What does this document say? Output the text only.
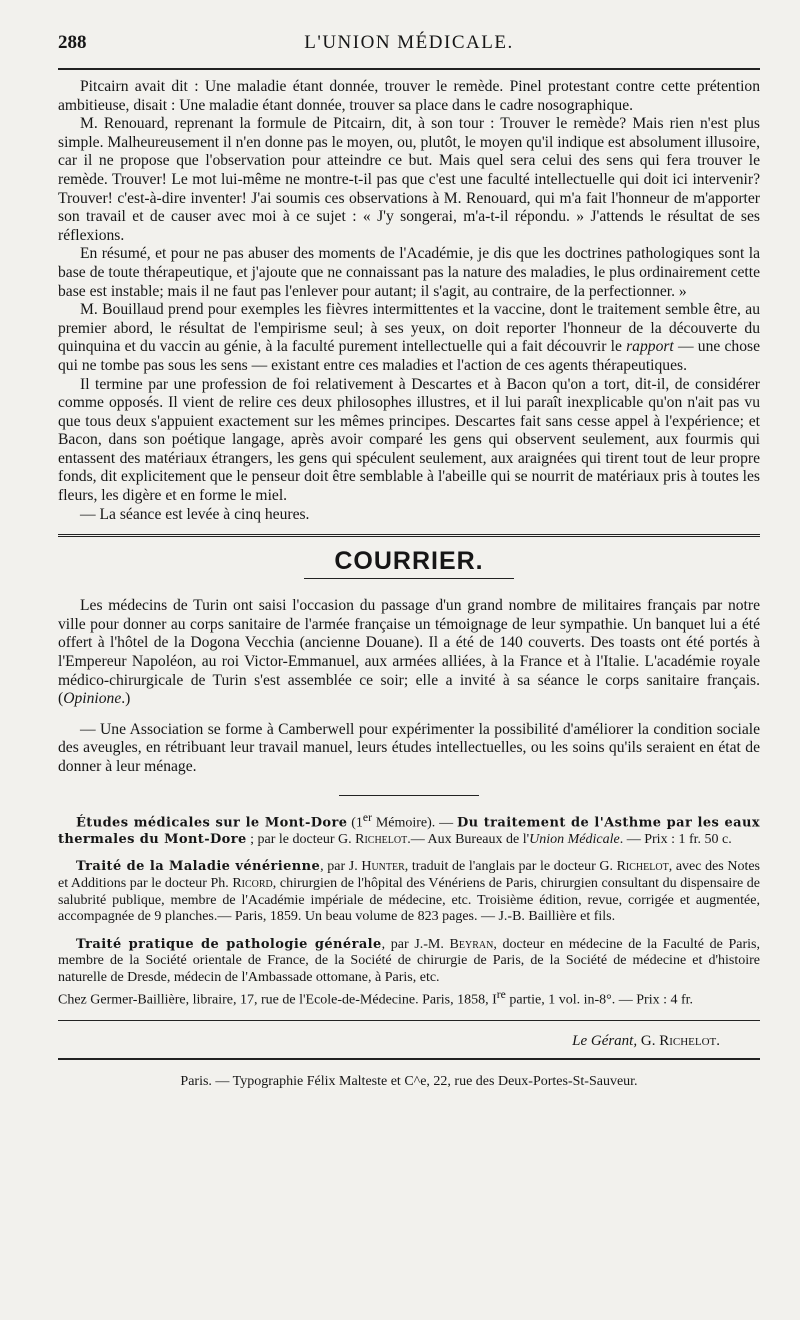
288	L'UNION MÉDICALE.

Pitcairn avait dit : Une maladie étant donnée, trouver le remède. Pinel protestant contre cette prétention ambitieuse, disait : Une maladie étant donnée, trouver sa place dans le cadre nosographique.

M. Renouard, reprenant la formule de Pitcairn, dit, à son tour : Trouver le remède? Mais rien n'est plus simple. Malheureusement il n'en donne pas le moyen, ou, plutôt, le moyen qu'il indique est absolument illusoire, car il ne propose que l'observation pour atteindre ce but. Mais quel sera celui des sens qui fera trouver le remède. Trouver! Le mot lui-même ne montre-t-il pas que c'est une faculté intellectuelle qui doit ici intervenir? Trouver! c'est-à-dire inventer! J'ai soumis ces observations à M. Renouard, qui m'a fait l'honneur de m'apporter son travail et de causer avec moi à ce sujet : « J'y songerai, m'a-t-il répondu. » J'attends le résultat de ses réflexions.

En résumé, et pour ne pas abuser des moments de l'Académie, je dis que les doctrines pathologiques sont la base de toute thérapeutique, et j'ajoute que ne connaissant pas la nature des maladies, le plus ordinairement cette base est instable; mais il ne faut pas l'enlever pour autant; il s'agit, au contraire, de la perfectionner. »

M. Bouillaud prend pour exemples les fièvres intermittentes et la vaccine, dont le traitement semble être, au premier abord, le résultat de l'empirisme seul; à ses yeux, on doit reporter l'honneur de la découverte du quinquina et du vaccin au génie, à la faculté purement intellectuelle qui a fait découvrir le rapport — une chose qui ne tombe pas sous les sens — existant entre ces maladies et l'action de ces agents thérapeutiques.

Il termine par une profession de foi relativement à Descartes et à Bacon qu'on a tort, dit-il, de considérer comme opposés. Il vient de relire ces deux philosophes illustres, et il lui paraît inexplicable qu'on n'ait pas vu que tous deux s'appuient exactement sur les mêmes principes. Descartes fait sans cesse appel à l'expérience; et Bacon, dans son poétique langage, après avoir comparé les gens qui observent seulement, aux fourmis qui entassent des matériaux étrangers, les gens qui spéculent seulement, aux araignées qui tirent tout de leur propre fonds, dit explicitement que le penseur doit être semblable à l'abeille qui se nourrit de matériaux pris à toutes les fleurs, les digère et en forme le miel.

— La séance est levée à cinq heures.

COURRIER.

Les médecins de Turin ont saisi l'occasion du passage d'un grand nombre de militaires français par notre ville pour donner au corps sanitaire de l'armée française un témoignage de leur sympathie. Un banquet lui a été offert à l'hôtel de la Dogona Vecchia (ancienne Douane). Il a été de 140 couverts. Des toasts ont été portés à l'Empereur Napoléon, au roi Victor-Emmanuel, aux armées alliées, à la France et à l'Italie. L'académie royale médico-chirurgicale de Turin s'est assemblée ce soir; elle a invité à sa séance le corps sanitaire français. (Opinione.)

— Une Association se forme à Camberwell pour expérimenter la possibilité d'améliorer la condition sociale des aveugles, en rétribuant leur travail manuel, leurs études intellectuelles, ou les soins qu'ils seraient en état de donner à leur ménage.

Études médicales sur le Mont-Dore (1er Mémoire). — Du traitement de l'Asthme par les eaux thermales du Mont-Dore ; par le docteur G. Richelot.— Aux Bureaux de l'Union Médicale. — Prix : 1 fr. 50 c.

Traité de la Maladie vénérienne, par J. Hunter, traduit de l'anglais par le docteur G. Richelot, avec des Notes et Additions par le docteur Ph. Ricord, chirurgien de l'hôpital des Vénériens de Paris, chirurgien consultant du dispensaire de salubrité publique, membre de l'Académie impériale de médecine, etc. Troisième édition, revue, corrigée et augmentée, accompagnée de 9 planches.— Paris, 1859. Un beau volume de 823 pages. — J.-B. Baillière et fils.

Traité pratique de pathologie générale, par J.-M. Beyran, docteur en médecine de la Faculté de Paris, membre de la Société orientale de France, de la Société de chirurgie de Paris, de la Société de médecine et d'histoire naturelle de Dresde, médecin de l'Ambassade ottomane, à Paris, etc.
Chez Germer-Baillière, libraire, 17, rue de l'Ecole-de-Médecine. Paris, 1858, Ire partie, 1 vol. in-8°. — Prix : 4 fr.

Le Gérant, G. Richelot.
Paris. — Typographie Félix Malteste et C^e, 22, rue des Deux-Portes-St-Sauveur.
